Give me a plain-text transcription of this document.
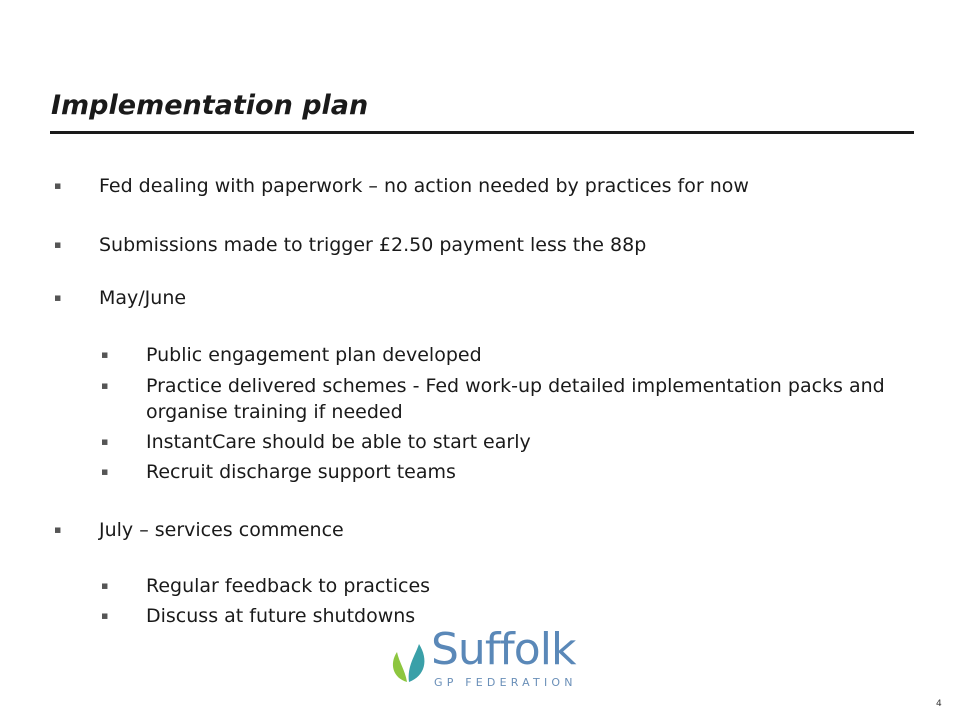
Implementation plan
▪ Fed dealing with paperwork – no action needed by practices for now
▪ Submissions made to trigger £2.50 payment less the 88p
▪ May/June
▪ Public engagement plan developed
▪ Practice delivered schemes - Fed work-up detailed implementation packs and organise training if needed
▪ InstantCare should be able to start early
▪ Recruit discharge support teams
▪ July – services commence
▪ Regular feedback to practices
▪ Discuss at future shutdowns
Suffolk
GP FEDERATION
4
